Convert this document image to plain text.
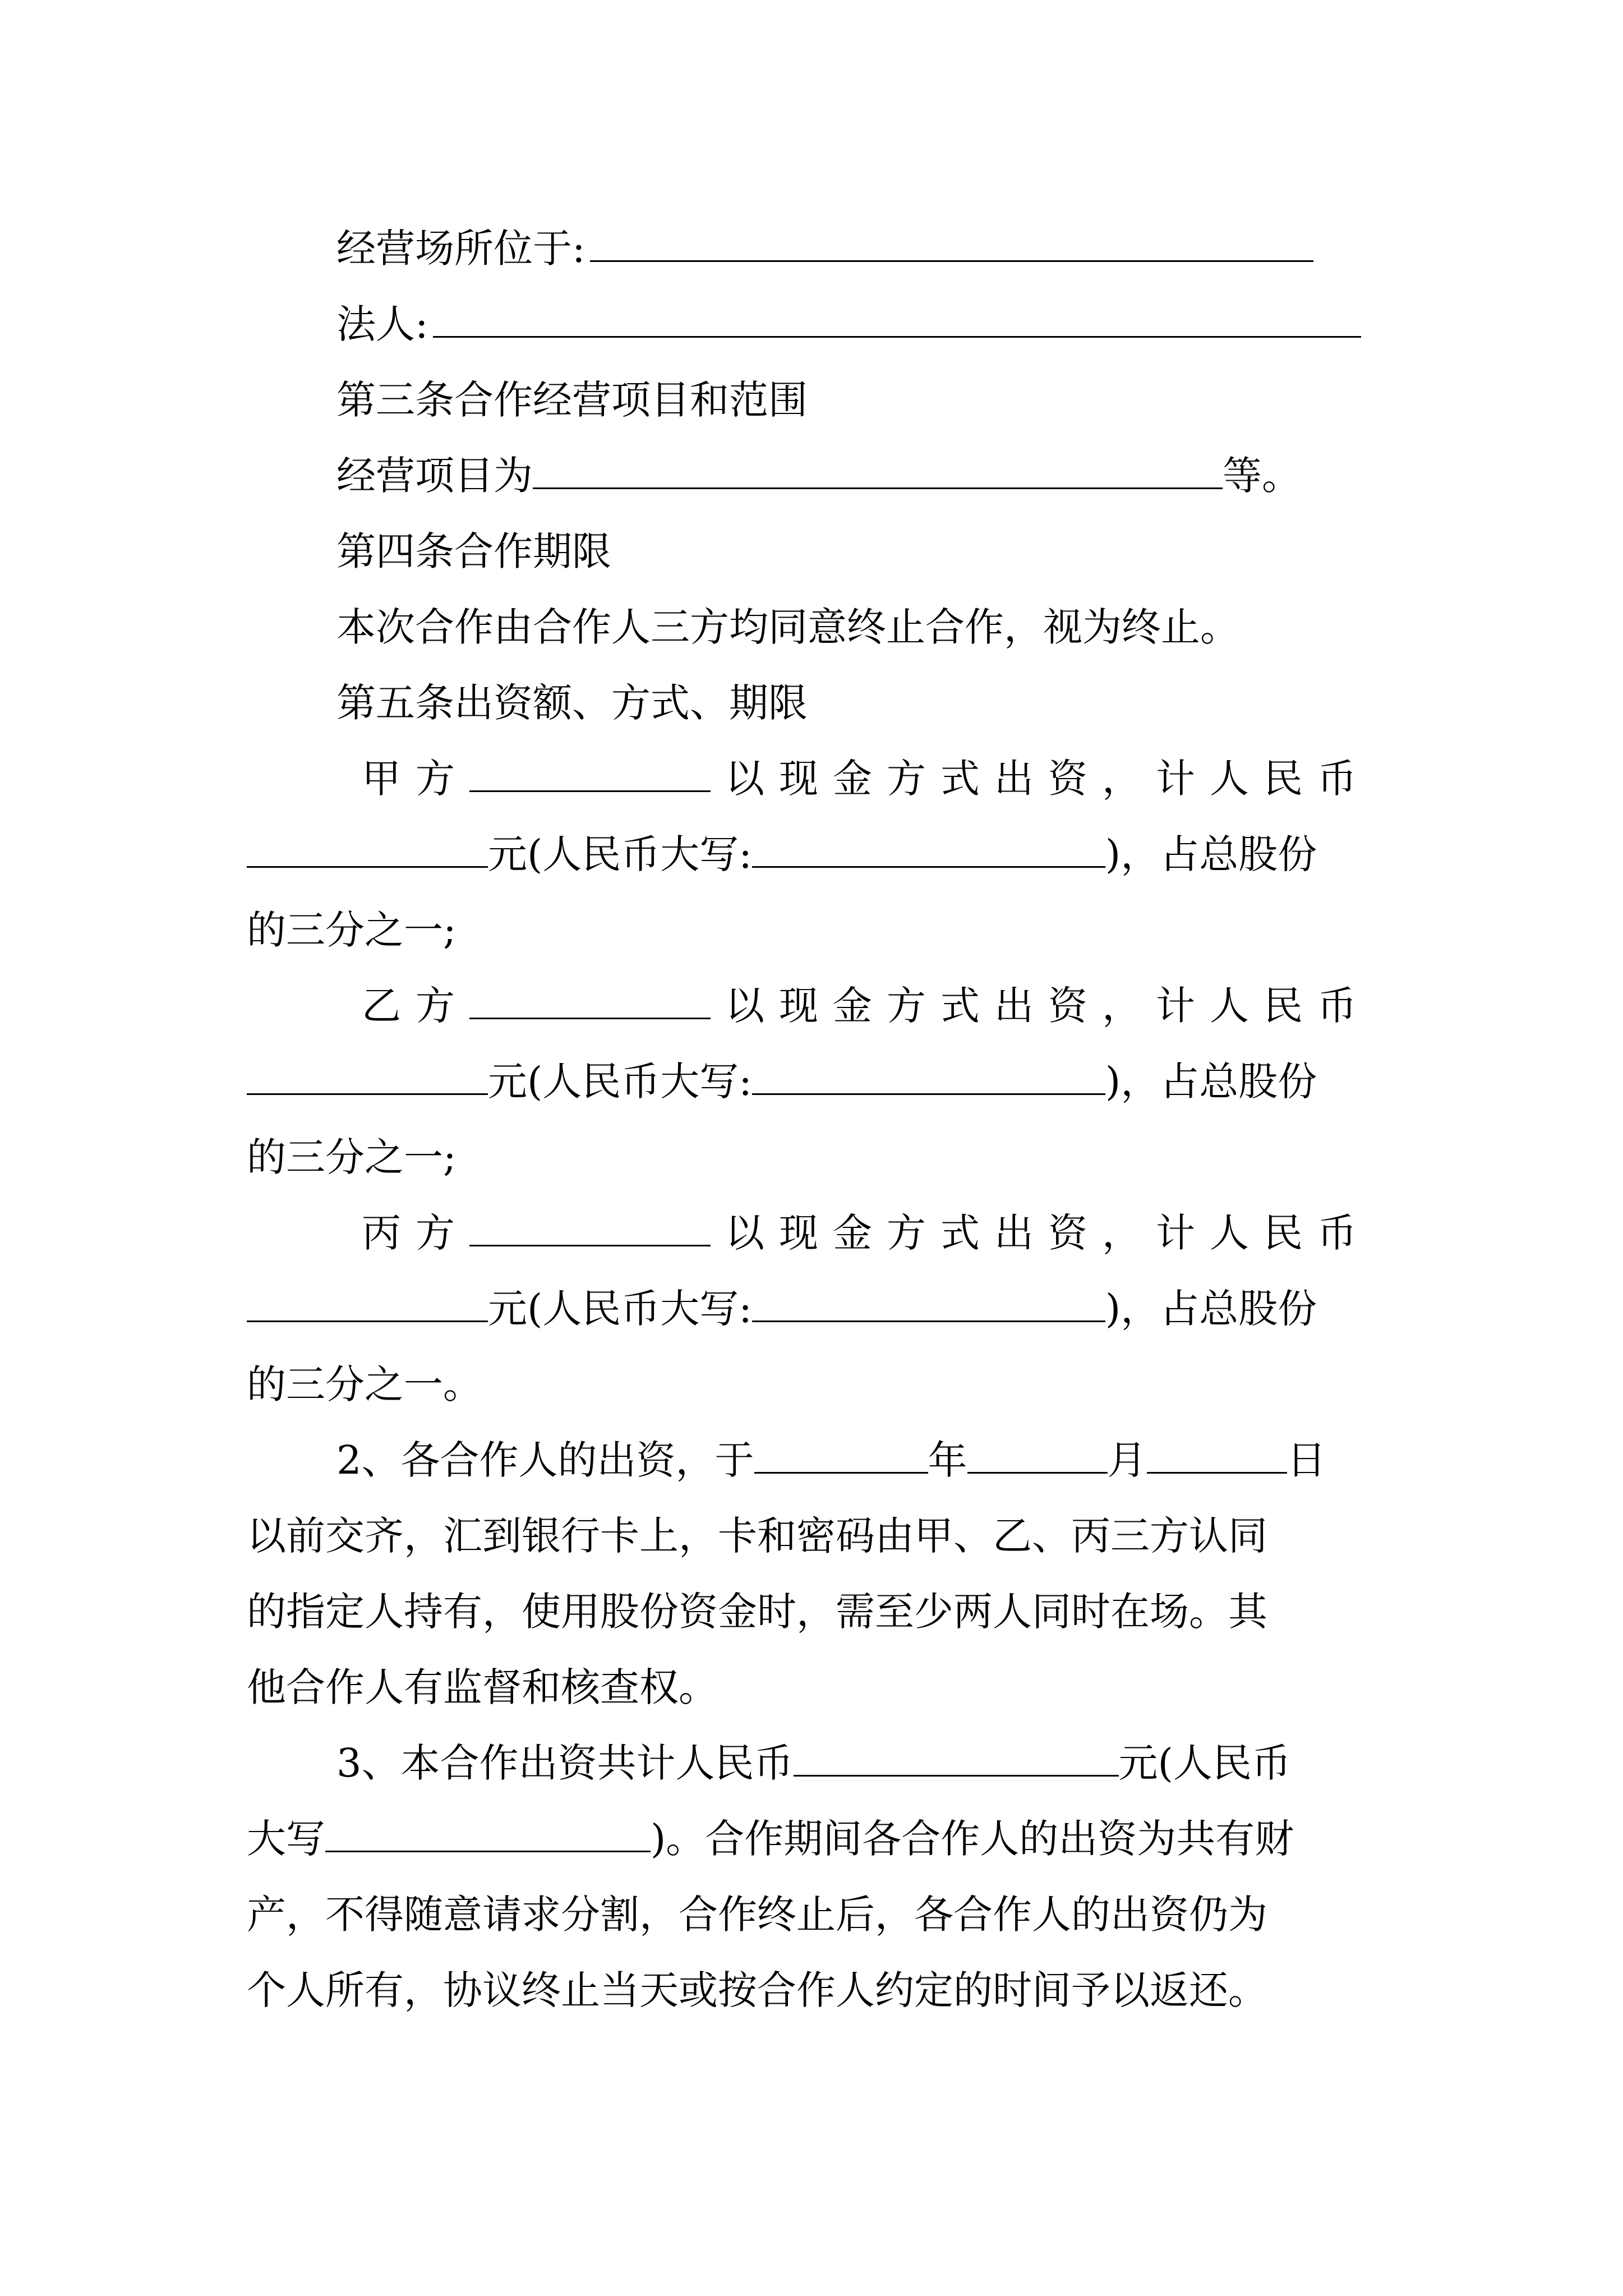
经营场所位于:
法人:
第三条合作经营项目和范围
经营项目为	等。
第四条合作期限
本次合作由合作人三方均同意终止合作，视为终止。
第五条出资额、方式、期限
甲方	以现金方式出资，计人民币
元(人民币大写:	)，占总股份
的三分之一;
乙方	以现金方式出资，计人民币
元(人民币大写:	)，占总股份
的三分之一;
丙方	以现金方式出资，计人民币
元(人民币大写:	)，占总股份
的三分之一。
2、各合作人的出资，于	年	月	日
以前交齐，汇到银行卡上，卡和密码由甲、乙、丙三方认同
的指定人持有，使用股份资金时，需至少两人同时在场。其
他合作人有监督和核查权。
3、本合作出资共计人民币	元(人民币
大写	)。合作期间各合作人的出资为共有财
产，不得随意请求分割，合作终止后，各合作人的出资仍为
个人所有，协议终止当天或按合作人约定的时间予以返还。
